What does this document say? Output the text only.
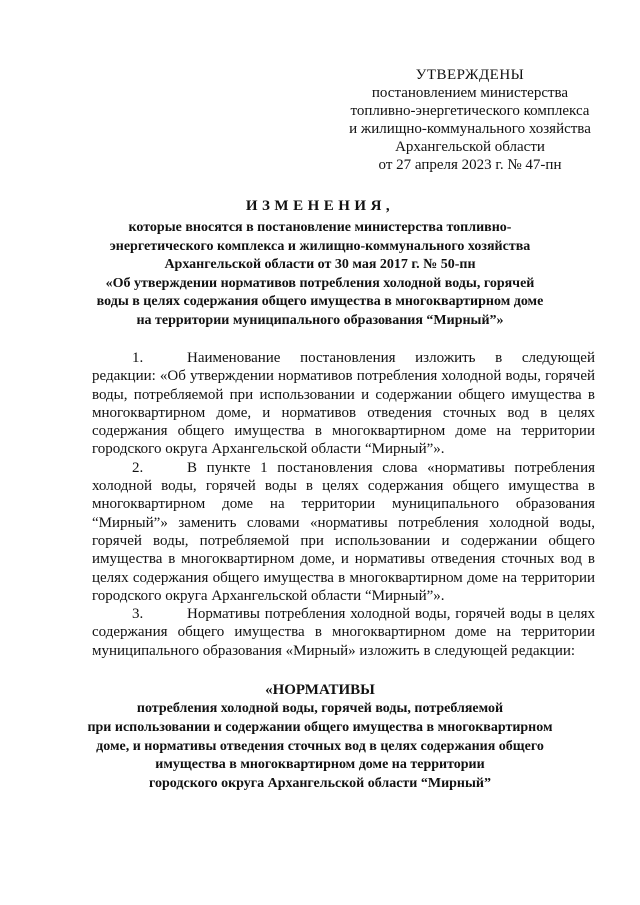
УТВЕРЖДЕНЫ
постановлением министерства
топливно-энергетического комплекса
и жилищно-коммунального хозяйства
Архангельской области
от 27 апреля 2023 г. № 47-пн
ИЗМЕНЕНИЯ,
которые вносятся в постановление министерства топливно-
энергетического комплекса и жилищно-коммунального хозяйства
Архангельской области от 30 мая 2017 г. № 50-пн
«Об утверждении нормативов потребления холодной воды, горячей
воды в целях содержания общего имущества в многоквартирном доме
на территории муниципального образования “Мирный”»

1.	Наименование постановления изложить в следующей редакции: «Об утверждении нормативов потребления холодной воды, горячей воды, потребляемой при использовании и содержании общего имущества в многоквартирном доме, и нормативов отведения сточных вод в целях содержания общего имущества в многоквартирном доме на территории городского округа Архангельской области “Мирный”».

2.	В пункте 1 постановления слова «нормативы потребления холодной воды, горячей воды в целях содержания общего имущества в многоквартирном доме на территории муниципального образования “Мирный”» заменить словами «нормативы потребления холодной воды, горячей воды, потребляемой при использовании и содержании общего имущества в многоквартирном доме, и нормативы отведения сточных вод в целях содержания общего имущества в многоквартирном доме на территории городского округа Архангельской области “Мирный”».

3.	Нормативы потребления холодной воды, горячей воды в целях содержания общего имущества в многоквартирном доме на территории муниципального образования «Мирный» изложить в следующей редакции:

«НОРМАТИВЫ
потребления холодной воды, горячей воды, потребляемой
при использовании и содержании общего имущества в многоквартирном
доме, и нормативы отведения сточных вод в целях содержания общего
имущества в многоквартирном доме на территории
городского округа Архангельской области “Мирный”
